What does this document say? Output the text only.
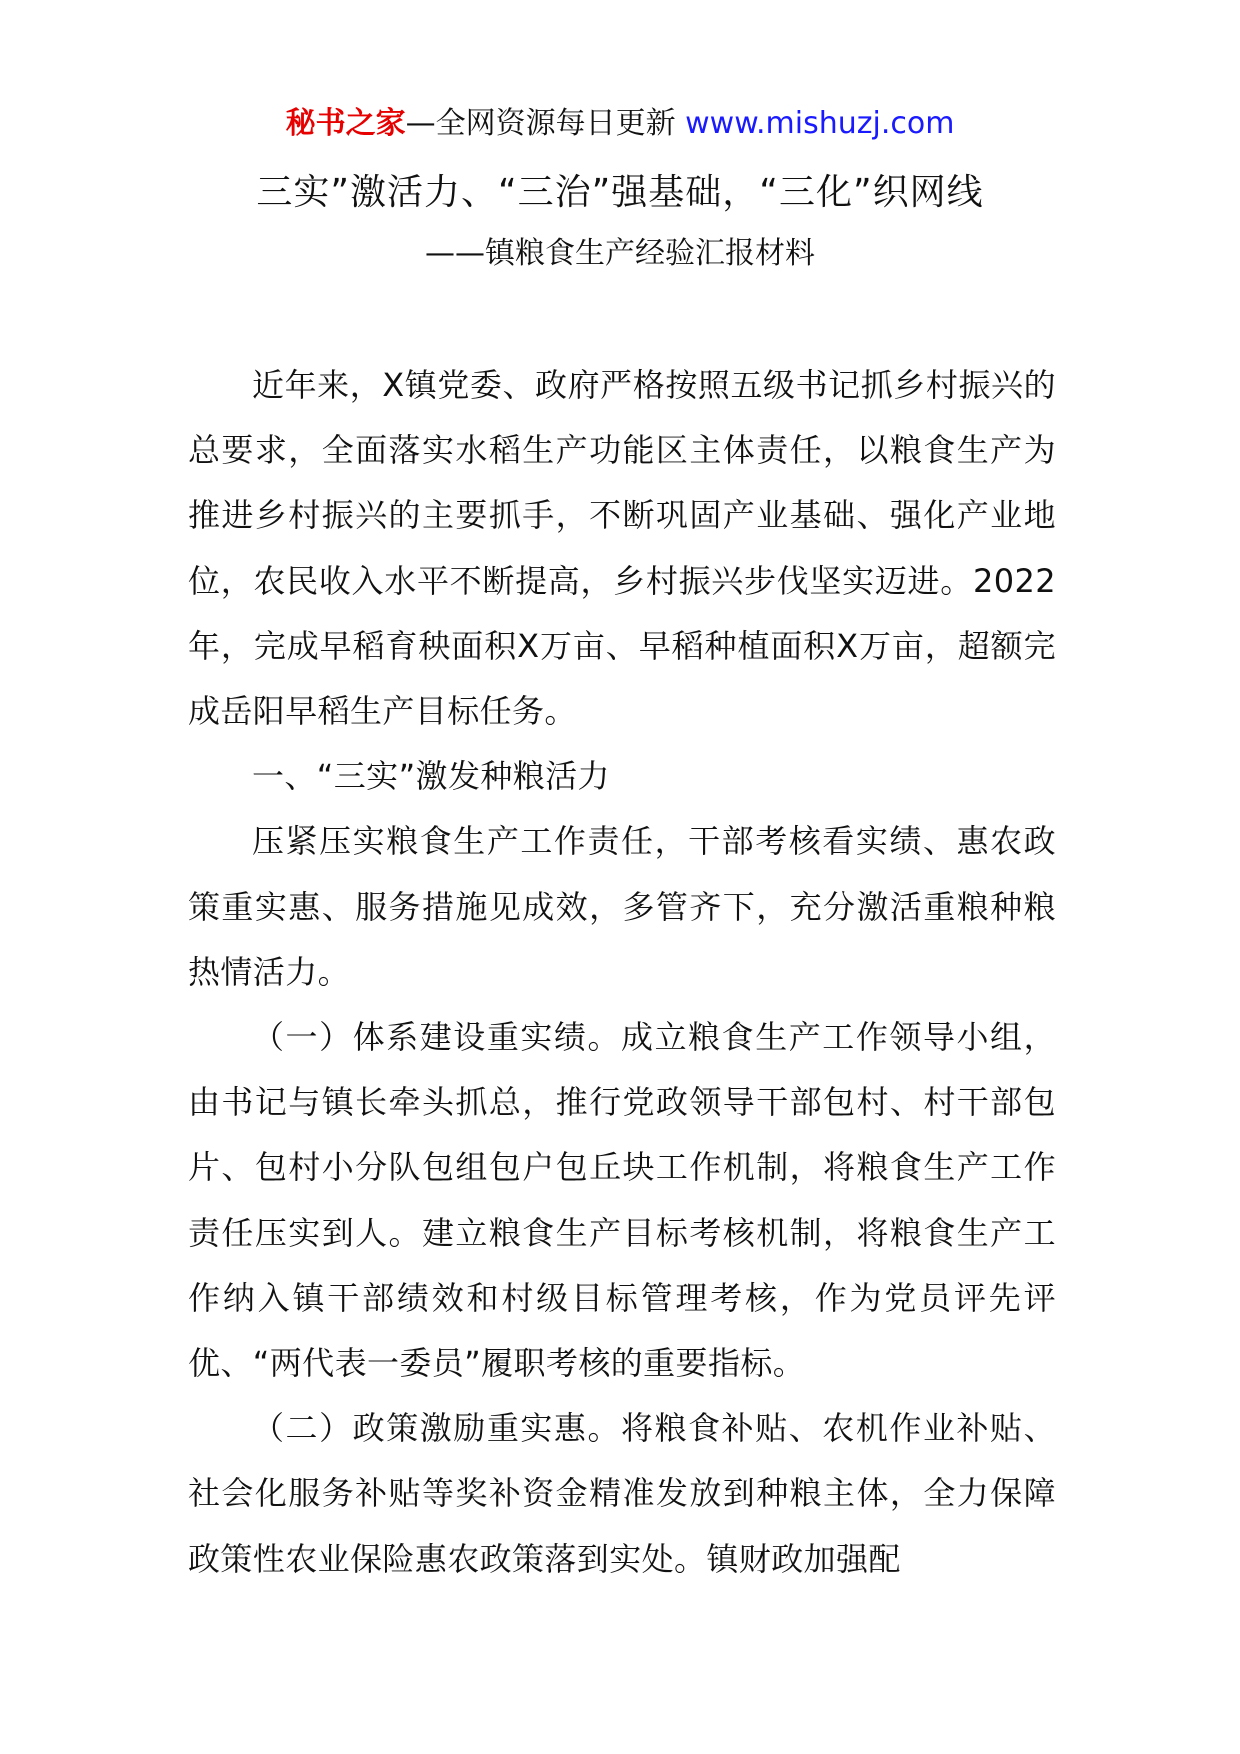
秘书之家—全网资源每日更新 www.mishuzj.com
三实”激活力、“三治”强基础，“三化”织网线
——镇粮食生产经验汇报材料

近年来，X镇党委、政府严格按照五级书记抓乡村振兴的总要求，全面落实水稻生产功能区主体责任，以粮食生产为推进乡村振兴的主要抓手，不断巩固产业基础、强化产业地位，农民收入水平不断提高，乡村振兴步伐坚实迈进。2022年，完成早稻育秧面积X万亩、早稻种植面积X万亩，超额完成岳阳早稻生产目标任务。

一、“三实”激发种粮活力

压紧压实粮食生产工作责任，干部考核看实绩、惠农政策重实惠、服务措施见成效，多管齐下，充分激活重粮种粮热情活力。

（一）体系建设重实绩。成立粮食生产工作领导小组，由书记与镇长牵头抓总，推行党政领导干部包村、村干部包片、包村小分队包组包户包丘块工作机制，将粮食生产工作责任压实到人。建立粮食生产目标考核机制，将粮食生产工作纳入镇干部绩效和村级目标管理考核，作为党员评先评优、“两代表一委员”履职考核的重要指标。

（二）政策激励重实惠。将粮食补贴、农机作业补贴、社会化服务补贴等奖补资金精准发放到种粮主体，全力保障政策性农业保险惠农政策落到实处。镇财政加强配
